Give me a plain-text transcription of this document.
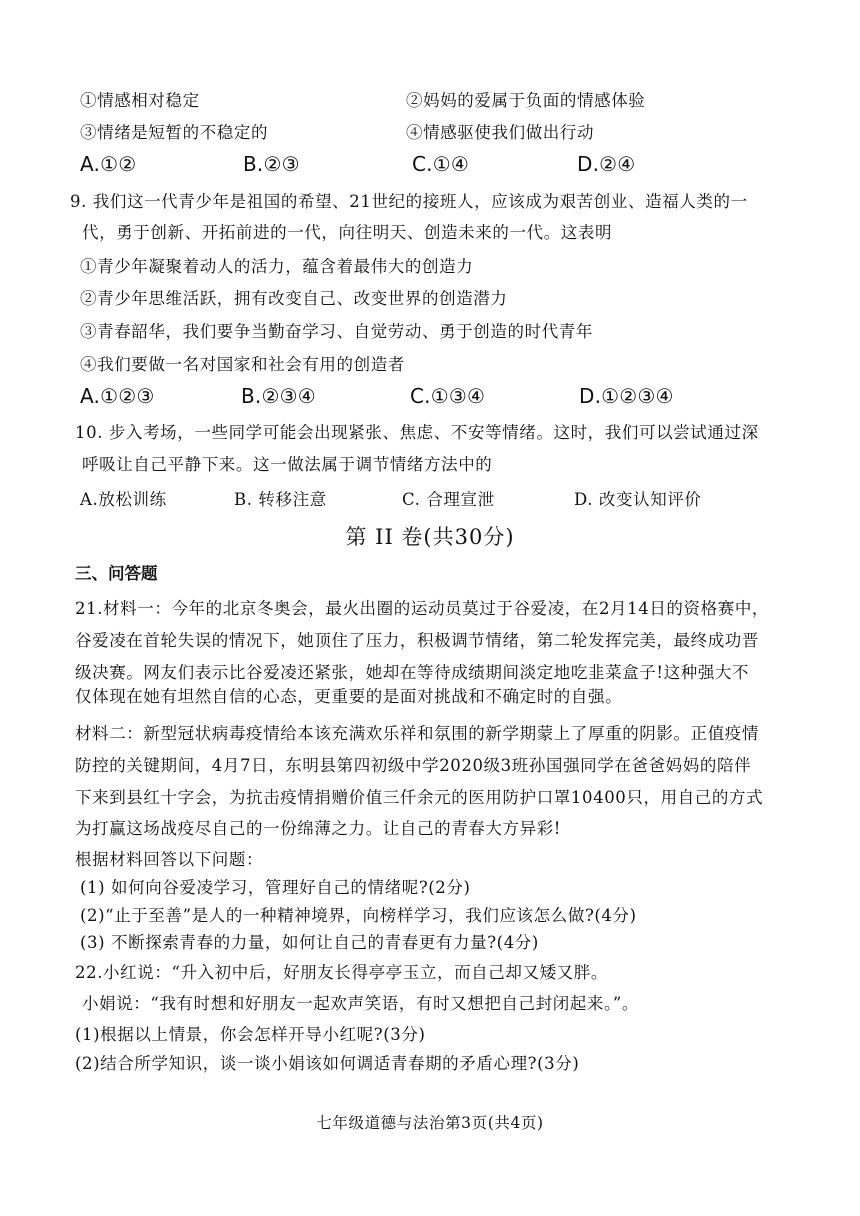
①情感相对稳定	②妈妈的爱属于负面的情感体验
③情绪是短暂的不稳定的	④情感驱使我们做出行动
A.①②	B.②③	C.①④	D.②④
9. 我们这一代青少年是祖国的希望、21世纪的接班人，应该成为艰苦创业、造福人类的一
代，勇于创新、开拓前进的一代，向往明天、创造未来的一代。这表明
①青少年凝聚着动人的活力，蕴含着最伟大的创造力
②青少年思维活跃，拥有改变自己、改变世界的创造潜力
③青春韶华，我们要争当勤奋学习、自觉劳动、勇于创造的时代青年
④我们要做一名对国家和社会有用的创造者
A.①②③	B.②③④	C.①③④	D.①②③④
10. 步入考场，一些同学可能会出现紧张、焦虑、不安等情绪。这时，我们可以尝试通过深
呼吸让自己平静下来。这一做法属于调节情绪方法中的
A.放松训练	B. 转移注意	C. 合理宣泄	D. 改变认知评价
第 II 卷(共30分)
三、问答题
21.材料一：今年的北京冬奥会，最火出圈的运动员莫过于谷爱凌，在2月14日的资格赛中，
谷爱凌在首轮失误的情况下，她顶住了压力，积极调节情绪，第二轮发挥完美，最终成功晋
级决赛。网友们表示比谷爱凌还紧张，她却在等待成绩期间淡定地吃韭菜盒子!这种强大不
仅体现在她有坦然自信的心态，更重要的是面对挑战和不确定时的自强。
材料二：新型冠状病毒疫情给本该充满欢乐祥和氛围的新学期蒙上了厚重的阴影。正值疫情
防控的关键期间，4月7日，东明县第四初级中学2020级3班孙国强同学在爸爸妈妈的陪伴
下来到县红十字会，为抗击疫情捐赠价值三仟余元的医用防护口罩10400只，用自己的方式
为打赢这场战疫尽自己的一份绵薄之力。让自己的青春大方异彩!
根据材料回答以下问题：
(1) 如何向谷爱凌学习，管理好自己的情绪呢?(2分)
(2)“止于至善”是人的一种精神境界，向榜样学习，我们应该怎么做?(4分)
(3) 不断探索青春的力量，如何让自己的青春更有力量?(4分)
22.小红说：“升入初中后，好朋友长得亭亭玉立，而自己却又矮又胖。
小娟说：“我有时想和好朋友一起欢声笑语，有时又想把自己封闭起来。”。
(1)根据以上情景，你会怎样开导小红呢?(3分)
(2)结合所学知识，谈一谈小娟该如何调适青春期的矛盾心理?(3分)
七年级道德与法治第3页(共4页)
